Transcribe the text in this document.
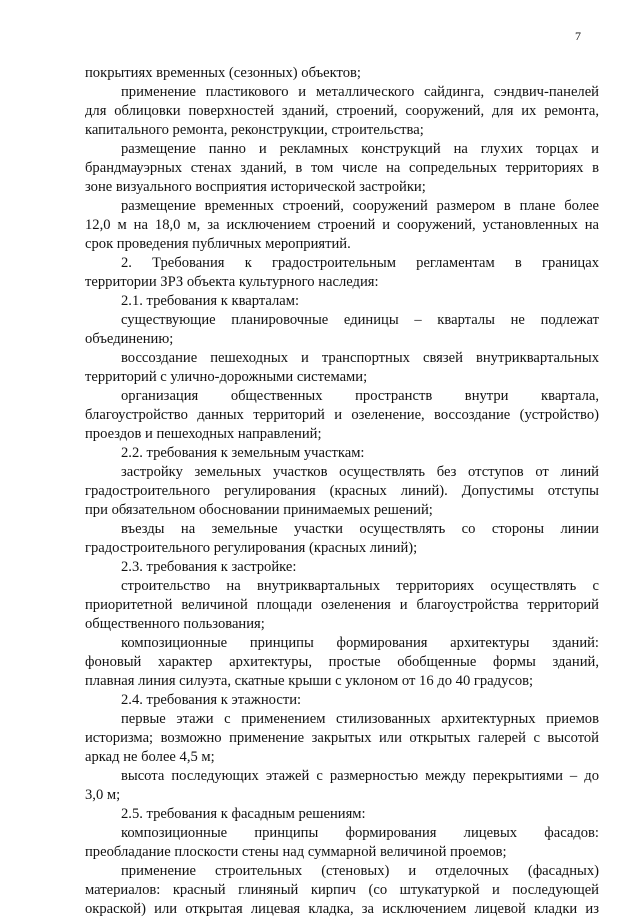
7
покрытиях временных (сезонных) объектов;
применение пластикового и металлического сайдинга, сэндвич-панелей
для облицовки поверхностей зданий, строений, сооружений, для их ремонта,
капитального ремонта, реконструкции, строительства;
размещение панно и рекламных конструкций на глухих торцах и
брандмауэрных стенах зданий, в том числе на сопредельных территориях в
зоне визуального восприятия исторической застройки;
размещение временных строений, сооружений размером в плане более
12,0 м на 18,0 м, за исключением строений и сооружений, установленных на
срок проведения публичных мероприятий.
2. Требования к градостроительным регламентам в границах
территории ЗРЗ объекта культурного наследия:
2.1. требования к кварталам:
существующие планировочные единицы – кварталы не подлежат
объединению;
воссоздание пешеходных и транспортных связей внутриквартальных
территорий с улично-дорожными системами;
организация общественных пространств внутри квартала,
благоустройство данных территорий и озеленение, воссоздание (устройство)
проездов и пешеходных направлений;
2.2. требования к земельным участкам:
застройку земельных участков осуществлять без отступов от линий
градостроительного регулирования (красных линий). Допустимы отступы
при обязательном обосновании принимаемых решений;
въезды на земельные участки осуществлять со стороны линии
градостроительного регулирования (красных линий);
2.3. требования к застройке:
строительство на внутриквартальных территориях осуществлять с
приоритетной величиной площади озеленения и благоустройства территорий
общественного пользования;
композиционные принципы формирования архитектуры зданий:
фоновый характер архитектуры, простые обобщенные формы зданий,
плавная линия силуэта, скатные крыши с уклоном от 16 до 40 градусов;
2.4. требования к этажности:
первые этажи с применением стилизованных архитектурных приемов
историзма; возможно применение закрытых или открытых галерей с высотой
аркад не более 4,5 м;
высота последующих этажей с размерностью между перекрытиями – до
3,0 м;
2.5. требования к фасадным решениям:
композиционные принципы формирования лицевых фасадов:
преобладание плоскости стены над суммарной величиной проемов;
применение строительных (стеновых) и отделочных (фасадных)
материалов: красный глиняный кирпич (со штукатуркой и последующей
окраской) или открытая лицевая кладка, за исключением лицевой кладки из
